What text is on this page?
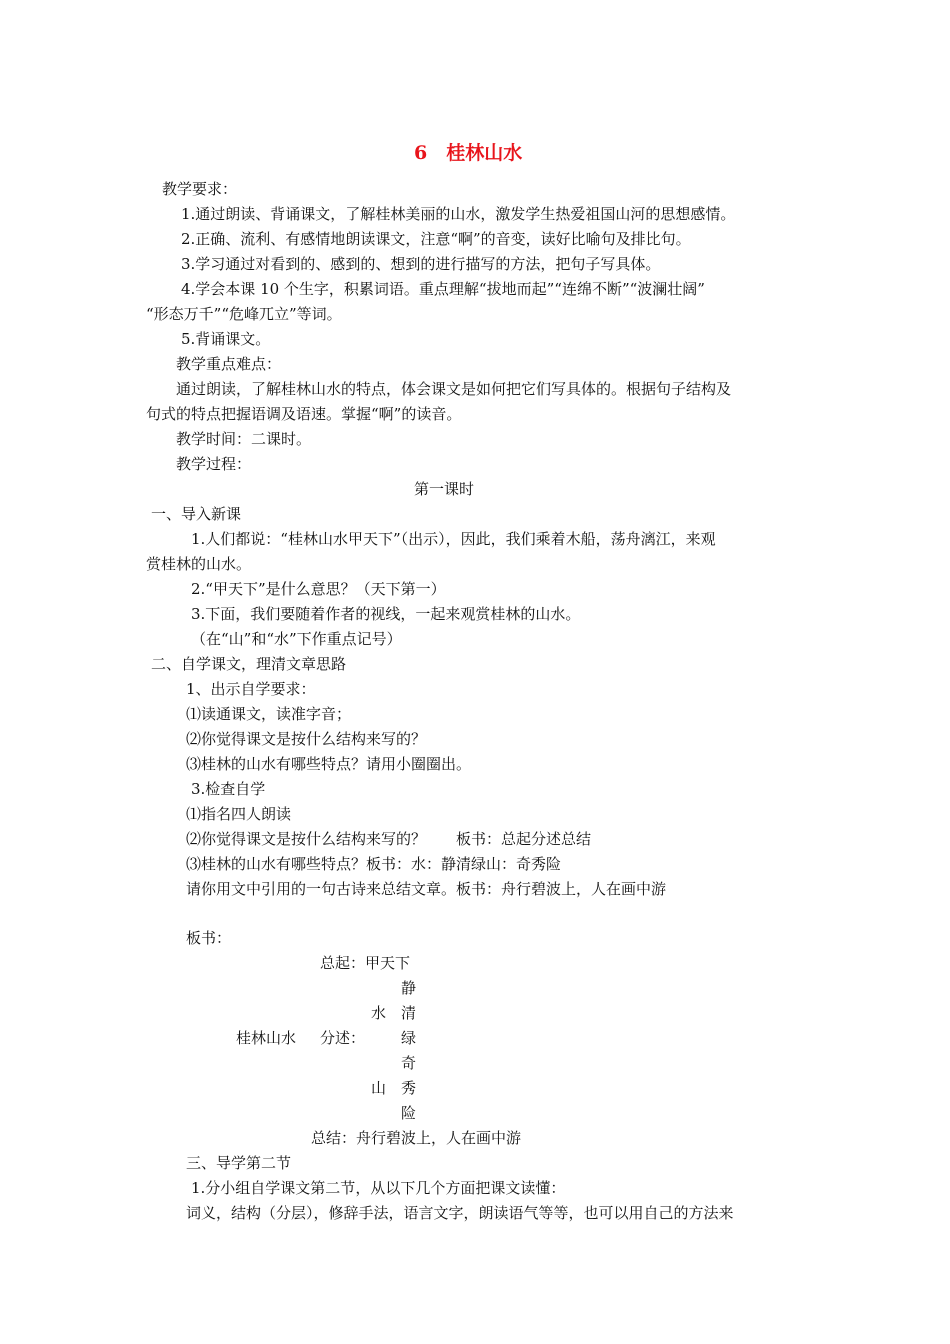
6　桂林山水
教学要求：
1.通过朗读、背诵课文，了解桂林美丽的山水，激发学生热爱祖国山河的思想感情。
2.正确、流利、有感情地朗读课文，注意“啊”的音变，读好比喻句及排比句。
3.学习通过对看到的、感到的、想到的进行描写的方法，把句子写具体。
4.学会本课 10 个生字，积累词语。重点理解“拔地而起”“连绵不断”“波澜壮阔”
“形态万千”“危峰兀立”等词。
5.背诵课文。
教学重点难点：
通过朗读，了解桂林山水的特点，体会课文是如何把它们写具体的。根据句子结构及
句式的特点把握语调及语速。掌握“啊”的读音。
教学时间：二课时。
教学过程：
第一课时
一、导入新课
1.人们都说：“桂林山水甲天下”（出示），因此，我们乘着木船，荡舟漓江，来观
赏桂林的山水。
2.“甲天下”是什么意思？（天下第一）
3.下面，我们要随着作者的视线，一起来观赏桂林的山水。
（在“山”和“水”下作重点记号）
二、自学课文，理清文章思路
1、出示自学要求：
⑴读通课文，读准字音；
⑵你觉得课文是按什么结构来写的？
⑶桂林的山水有哪些特点？请用小圈圈出。
3.检查自学
⑴指名四人朗读
⑵你觉得课文是按什么结构来写的？　　板书：总起分述总结
⑶桂林的山水有哪些特点？板书：水：静清绿山：奇秀险
请你用文中引用的一句古诗来总结文章。板书：舟行碧波上，人在画中游
板书：
总起：甲天下
静
水 清
桂林山水 分述： 绿
奇
山 秀
险
总结：舟行碧波上，人在画中游
三、导学第二节
1.分小组自学课文第二节，从以下几个方面把课文读懂：
词义，结构（分层），修辞手法，语言文字，朗读语气等等，也可以用自己的方法来
